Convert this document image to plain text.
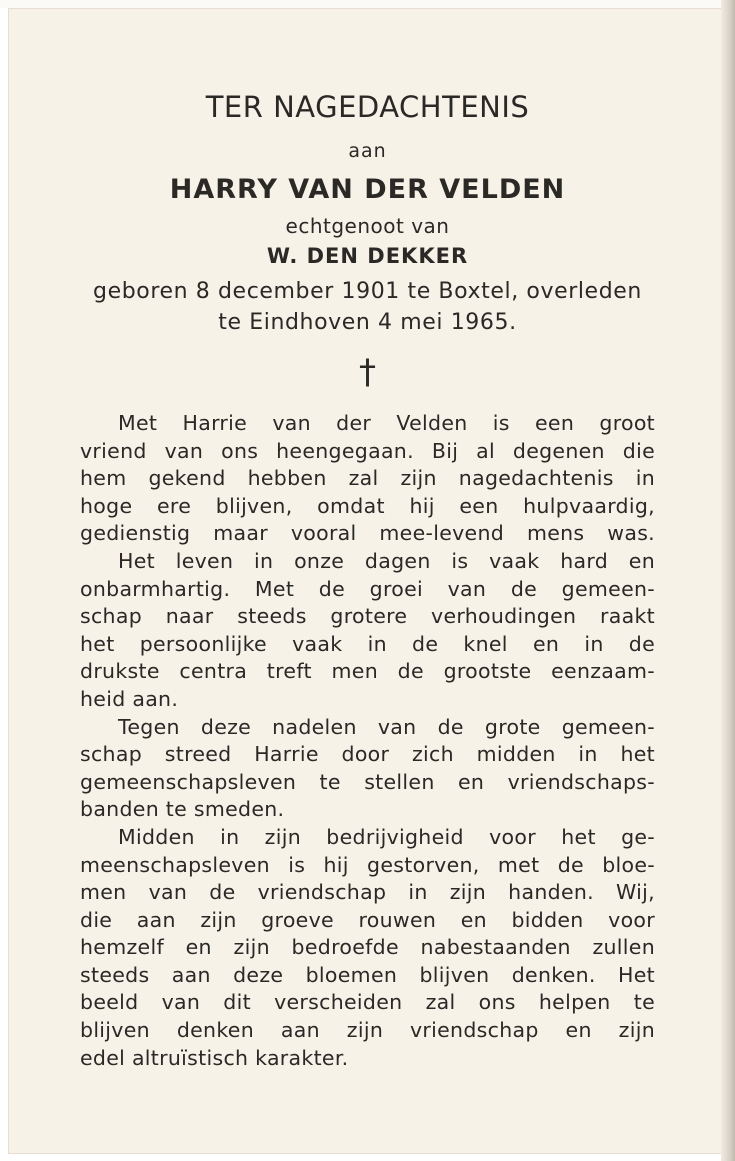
TER NAGEDACHTENIS
aan
HARRY VAN DER VELDEN
echtgenoot van
W. DEN DEKKER
geboren 8 december 1901 te Boxtel, overleden
te Eindhoven 4 mei 1965.
†
Met Harrie van der Velden is een groot
vriend van ons heengegaan. Bij al degenen die
hem gekend hebben zal zijn nagedachtenis in
hoge ere blijven, omdat hij een hulpvaardig,
gedienstig maar vooral mee-levend mens was.
Het leven in onze dagen is vaak hard en
onbarmhartig. Met de groei van de gemeen-
schap naar steeds grotere verhoudingen raakt
het persoonlijke vaak in de knel en in de
drukste centra treft men de grootste eenzaam-
heid aan.
Tegen deze nadelen van de grote gemeen-
schap streed Harrie door zich midden in het
gemeenschapsleven te stellen en vriendschaps-
banden te smeden.
Midden in zijn bedrijvigheid voor het ge-
meenschapsleven is hij gestorven, met de bloe-
men van de vriendschap in zijn handen. Wij,
die aan zijn groeve rouwen en bidden voor
hemzelf en zijn bedroefde nabestaanden zullen
steeds aan deze bloemen blijven denken. Het
beeld van dit verscheiden zal ons helpen te
blijven denken aan zijn vriendschap en zijn
edel altruïstisch karakter.
